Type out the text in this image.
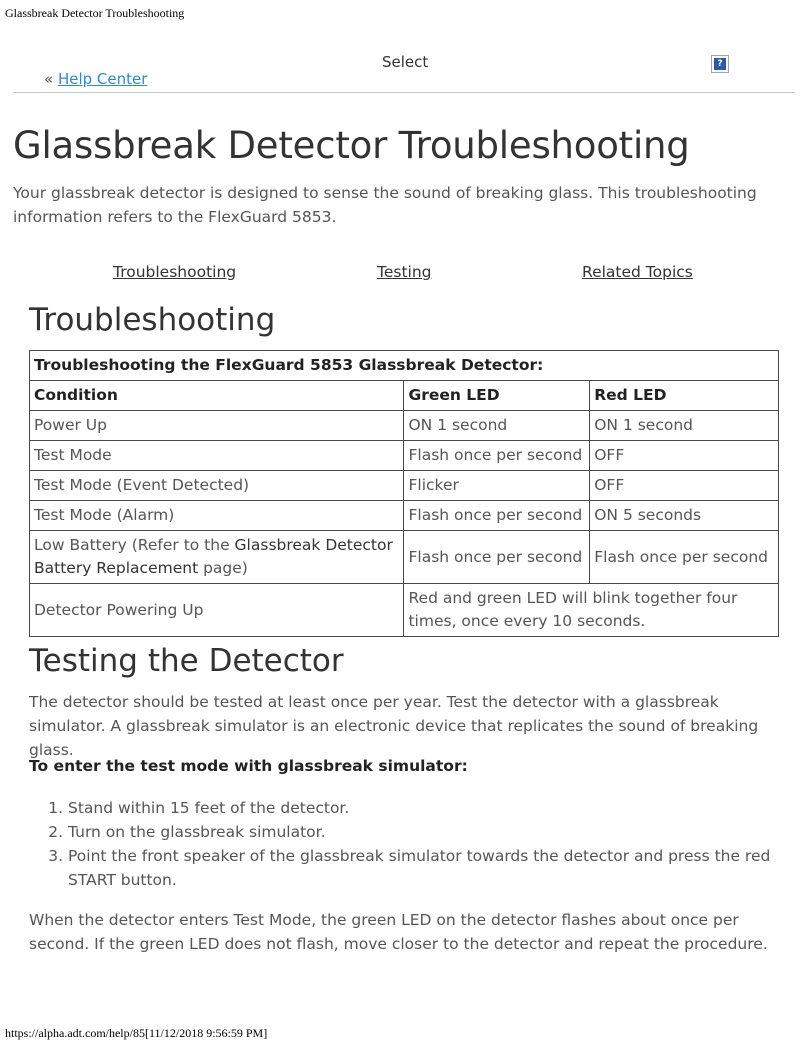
Glassbreak Detector Troubleshooting
Select	?
« Help Center
Glassbreak Detector Troubleshooting

Your glassbreak detector is designed to sense the sound of breaking glass. This troubleshooting information refers to the FlexGuard 5853.

Troubleshooting	Testing	Related Topics
Troubleshooting
Troubleshooting the FlexGuard 5853 Glassbreak Detector:		
Condition	Green LED	Red LED
Power Up	ON 1 second	ON 1 second
Test Mode	Flash once per second	OFF
Test Mode (Event Detected)	Flicker	OFF
Test Mode (Alarm)	Flash once per second	ON 5 seconds
Low Battery (Refer to the Glassbreak Detector Battery Replacement page)	Flash once per second	Flash once per second
Detector Powering Up	Red and green LED will blink together four times, once every 10 seconds.	
Testing the Detector

The detector should be tested at least once per year. Test the detector with a glassbreak simulator. A glassbreak simulator is an electronic device that replicates the sound of breaking glass.

To enter the test mode with glassbreak simulator:

1. Stand within 15 feet of the detector.
2. Turn on the glassbreak simulator.
3. Point the front speaker of the glassbreak simulator towards the detector and press the red START button.

When the detector enters Test Mode, the green LED on the detector flashes about once per second. If the green LED does not flash, move closer to the detector and repeat the procedure.

https://alpha.adt.com/help/85[11/12/2018 9:56:59 PM]
